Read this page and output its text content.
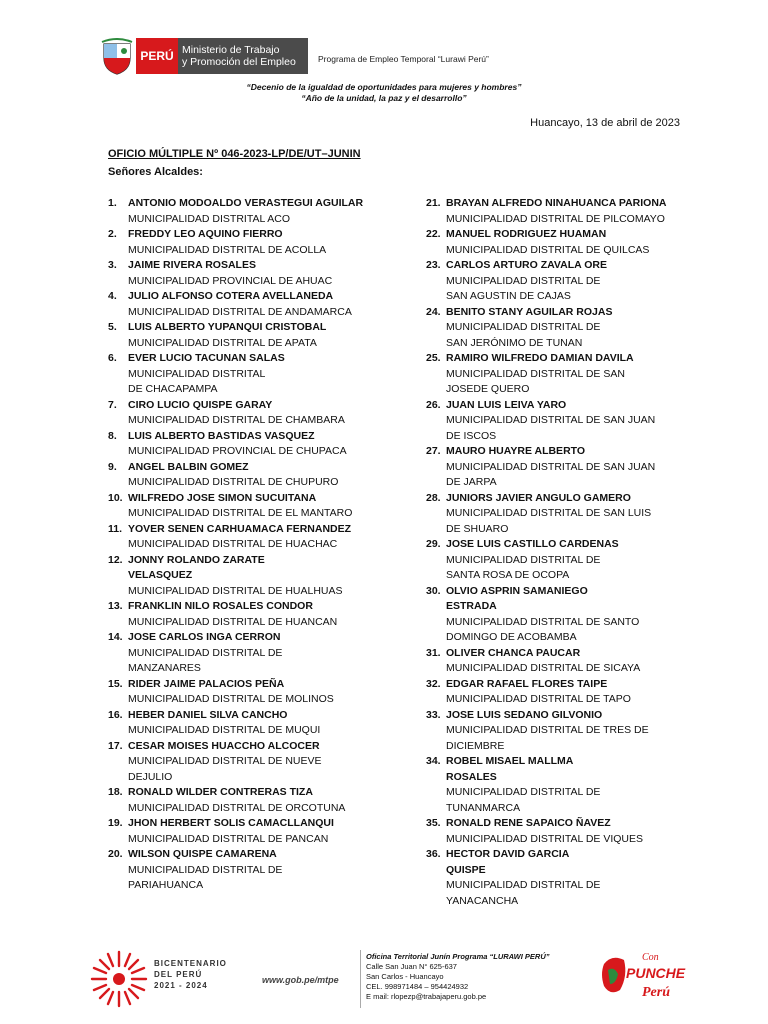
PERÚ Ministerio de Trabajo
y Promoción del Empleo	Programa de Empleo Temporal “Lurawi Perú”
“Decenio de la igualdad de oportunidades para mujeres y hombres”
“Año de la unidad, la paz y el desarrollo”
Huancayo, 13 de abril de 2023
OFICIO MÚLTIPLE Nº 046-2023-LP/DE/UT–JUNIN
Señores Alcaldes:
1.	ANTONIO MODOALDO VERASTEGUI AGUILAR
MUNICIPALIDAD DISTRITAL ACO
2.	FREDDY LEO AQUINO FIERRO
MUNICIPALIDAD DISTRITAL DE ACOLLA
3.	JAIME RIVERA ROSALES
MUNICIPALIDAD PROVINCIAL DE AHUAC
4.	JULIO ALFONSO COTERA AVELLANEDA
MUNICIPALIDAD DISTRITAL DE ANDAMARCA
5.	LUIS ALBERTO YUPANQUI CRISTOBAL
MUNICIPALIDAD DISTRITAL DE APATA
6.	EVER LUCIO TACUNAN SALAS
MUNICIPALIDAD DISTRITAL DE CHACAPAMPA
7.	CIRO LUCIO QUISPE GARAY
MUNICIPALIDAD DISTRITAL DE CHAMBARA
8.	LUIS ALBERTO BASTIDAS VASQUEZ
MUNICIPALIDAD PROVINCIAL DE CHUPACA
9.	ANGEL BALBIN GOMEZ
MUNICIPALIDAD DISTRITAL DE CHUPURO
10. WILFREDO JOSE SIMON SUCUITANA
MUNICIPALIDAD DISTRITAL DE EL MANTARO
11. YOVER SENEN CARHUAMACA FERNANDEZ
MUNICIPALIDAD DISTRITAL DE HUACHAC
12. JONNY ROLANDO ZARATE VELASQUEZ
MUNICIPALIDAD DISTRITAL DE HUALHUAS
13. FRANKLIN NILO ROSALES CONDOR
MUNICIPALIDAD DISTRITAL DE HUANCAN
14. JOSE CARLOS INGA CERRON
MUNICIPALIDAD DISTRITAL DE MANZANARES
15. RIDER JAIME PALACIOS PEÑA
MUNICIPALIDAD DISTRITAL DE MOLINOS
16. HEBER DANIEL SILVA CANCHO
MUNICIPALIDAD DISTRITAL DE MUQUI
17. CESAR MOISES HUACCHO ALCOCER
MUNICIPALIDAD DISTRITAL DE NUEVE DEJULIO
18. RONALD WILDER CONTRERAS TIZA
MUNICIPALIDAD DISTRITAL DE ORCOTUNA
19. JHON HERBERT SOLIS CAMACLLANQUI
MUNICIPALIDAD DISTRITAL DE PANCAN
20. WILSON QUISPE CAMARENA
MUNICIPALIDAD DISTRITAL DE PARIAHUANCA
21. BRAYAN ALFREDO NINAHUANCA PARIONA
MUNICIPALIDAD DISTRITAL DE PILCOMAYO
22. MANUEL RODRIGUEZ HUAMAN
MUNICIPALIDAD DISTRITAL DE QUILCAS
23. CARLOS ARTURO ZAVALA ORE
MUNICIPALIDAD DISTRITAL DE SAN AGUSTIN DE CAJAS
24. BENITO STANY AGUILAR ROJAS
MUNICIPALIDAD DISTRITAL DE SAN JERÓNIMO DE TUNAN
25. RAMIRO WILFREDO DAMIAN DAVILA
MUNICIPALIDAD DISTRITAL DE SAN JOSEDE QUERO
26. JUAN LUIS LEIVA YARO
MUNICIPALIDAD DISTRITAL DE SAN JUAN DE ISCOS
27. MAURO HUAYRE ALBERTO
MUNICIPALIDAD DISTRITAL DE SAN JUAN DE JARPA
28. JUNIORS JAVIER ANGULO GAMERO
MUNICIPALIDAD DISTRITAL DE SAN LUIS DE SHUARO
29. JOSE LUIS CASTILLO CARDENAS
MUNICIPALIDAD DISTRITAL DE SANTA ROSA DE OCOPA
30. OLVIO ASPRIN SAMANIEGO ESTRADA
MUNICIPALIDAD DISTRITAL DE SANTO DOMINGO DE ACOBAMBA
31. OLIVER CHANCA PAUCAR
MUNICIPALIDAD DISTRITAL DE SICAYA
32. EDGAR RAFAEL FLORES TAIPE
MUNICIPALIDAD DISTRITAL DE TAPO
33. JOSE LUIS SEDANO GILVONIO
MUNICIPALIDAD DISTRITAL DE TRES DE DICIEMBRE
34. ROBEL MISAEL MALLMA ROSALES
MUNICIPALIDAD DISTRITAL DE TUNANMARCA
35. RONALD RENE SAPAICO ÑAVEZ
MUNICIPALIDAD DISTRITAL DE VIQUES
36. HECTOR DAVID GARCIA QUISPE
MUNICIPALIDAD DISTRITAL DE YANACANCHA
BICENTENARIO
DEL PERÚ
2021 - 2024
www.gob.pe/mtpe
Oficina Territorial Junín Programa “LURAWI PERÚ”
Calle San Juan N° 625-637
San Carlos - Huancayo
CEL. 998971484 – 954424932
E mail: rlopezp@trabajaperu.gob.pe
Con
PUNCHE
Perú
